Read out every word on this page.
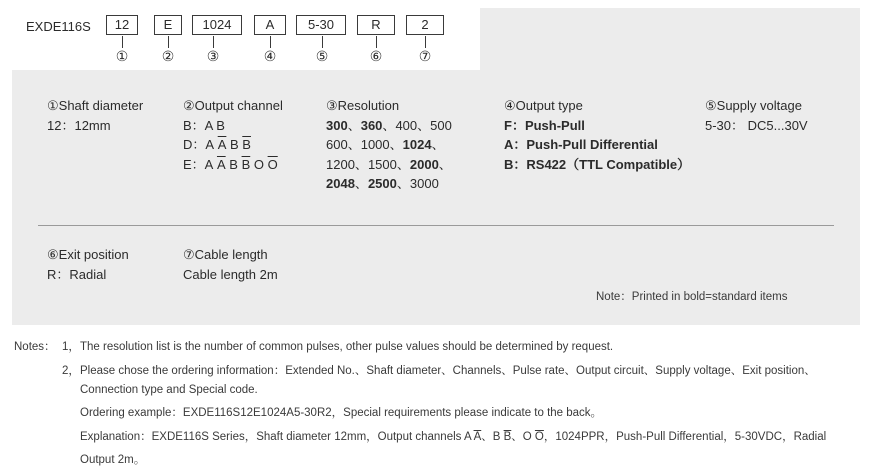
EXDE116S	12	E	1024	A	5-30	R	2
① ② ③	④	⑤	⑥	⑦
①Shaft diameter
12：12mm
②Output channel
B：A B
D：A $\overline{A}$ B $\overline{B}$
E：A $\overline{A}$ B $\overline{B}$ O $\overline{O}$
③Resolution
300、360、400、500
600、1000、1024、
1200、1500、2000、
2048、2500、3000
④Output type
F：Push-Pull
A：Push-Pull Differential
B：RS422（TTL Compatible）
⑤Supply voltage
5-30： DC5...30V
⑥Exit position
R：Radial
⑦Cable length
Cable length 2m
Note：Printed in bold=standard items
Notes： 1， The resolution list is the number of common pulses, other pulse values should be determined by request.
2， Please chose the ordering information：Extended No.、Shaft diameter、Channels、Pulse rate、Output circuit、Supply voltage、Exit position、
Connection type and Special code.
Ordering example：EXDE116S12E1024A5-30R2，Special requirements please indicate to the back。
Explanation：EXDE116S Series，Shaft diameter 12mm，Output channels A $\overline{A}$、B $\overline{B}$、O $\overline{O}$，1024PPR，Push-Pull Differential，5-30VDC，Radial
Output 2m。
